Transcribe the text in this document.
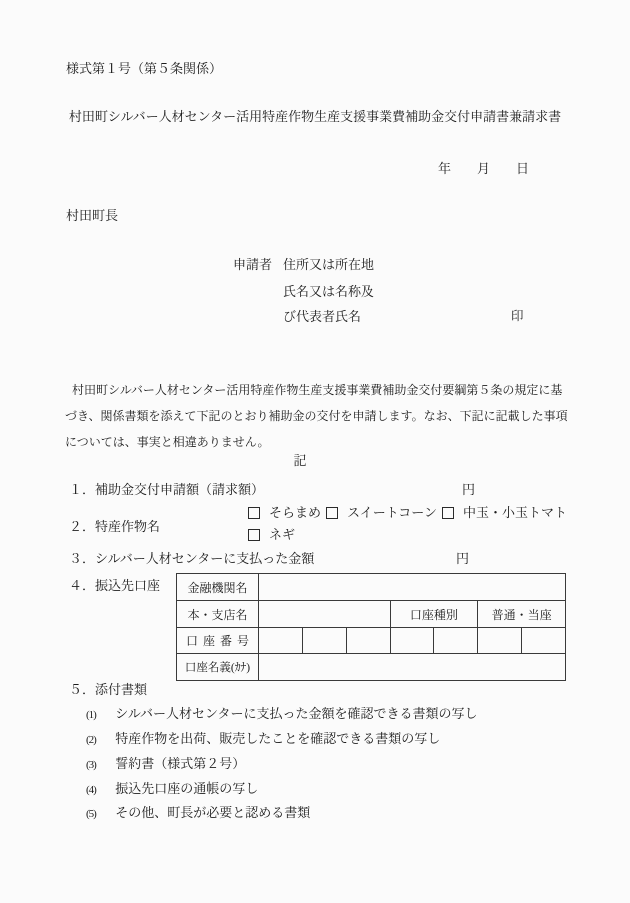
様式第１号（第５条関係）
村田町シルバー人材センター活用特産作物生産支援事業費補助金交付申請書兼請求書
年　　月　　日
村田町長
申請者 住所又は所在地
氏名又は名称及
び代表者氏名	印
村田町シルバー人材センター活用特産作物生産支援事業費補助金交付要綱第５条の規定に基
づき、関係書類を添えて下記のとおり補助金の交付を申請します。なお、下記に記載した事項
については、事実と相違ありません。
記
１．補助金交付申請額（請求額）	円
２．特産作物名
そらまめ スイートコーン 中玉・小玉トマト
ネギ
３．シルバー人材センターに支払った金額	円
４．振込先口座 金融機関名							
本・支店名				口座種別		普通・当座	
口座番号							
口座名義(ｶﾅ)							
５．添付書類
(1) シルバー人材センターに支払った金額を確認できる書類の写し
(2) 特産作物を出荷、販売したことを確認できる書類の写し
(3) 誓約書（様式第２号）
(4) 振込先口座の通帳の写し
(5) その他、町長が必要と認める書類
